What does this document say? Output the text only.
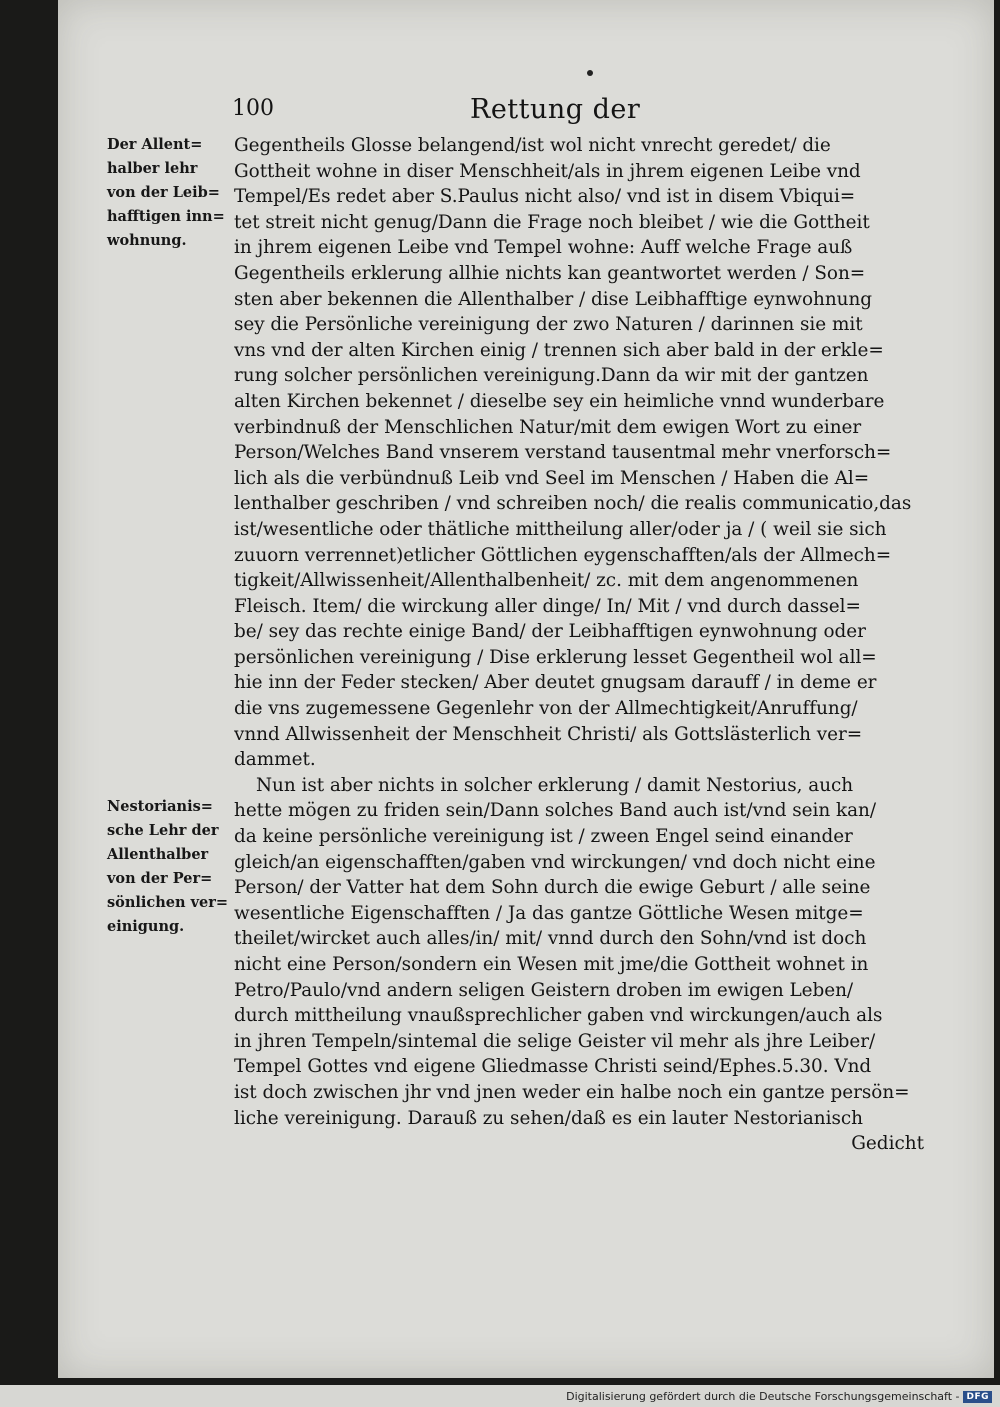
100	Rettung der
Der Allent=
halber lehr
von der Leib=
hafftigen inn=
wohnung.
Nestorianis=
sche Lehr der
Allenthalber
von der Per=
sönlichen ver=
einigung.
Gegentheils Glosse belangend/ist wol nicht vnrecht geredet/ die
Gottheit wohne in diser Menschheit/als in jhrem eigenen Leibe vnd
Tempel/Es redet aber S.Paulus nicht also/ vnd ist in disem Vbiqui=
tet streit nicht genug/Dann die Frage noch bleibet / wie die Gottheit
in jhrem eigenen Leibe vnd Tempel wohne: Auff welche Frage auß
Gegentheils erklerung allhie nichts kan geantwortet werden / Son=
sten aber bekennen die Allenthalber / dise Leibhafftige eynwohnung
sey die Persönliche vereinigung der zwo Naturen / darinnen sie mit
vns vnd der alten Kirchen einig / trennen sich aber bald in der erkle=
rung solcher persönlichen vereinigung.Dann da wir mit der gantzen
alten Kirchen bekennet / dieselbe sey ein heimliche vnnd wunderbare
verbindnuß der Menschlichen Natur/mit dem ewigen Wort zu einer
Person/Welches Band vnserem verstand tausentmal mehr vnerforsch=
lich als die verbündnuß Leib vnd Seel im Menschen / Haben die Al=
lenthalber geschriben / vnd schreiben noch/ die realis communicatio,das
ist/wesentliche oder thätliche mittheilung aller/oder ja / ( weil sie sich
zuuorn verrennet)etlicher Göttlichen eygenschafften/als der Allmech=
tigkeit/Allwissenheit/Allenthalbenheit/ zc. mit dem angenommenen
Fleisch. Item/ die wirckung aller dinge/ In/ Mit / vnd durch dassel=
be/ sey das rechte einige Band/ der Leibhafftigen eynwohnung oder
persönlichen vereinigung / Dise erklerung lesset Gegentheil wol all=
hie inn der Feder stecken/ Aber deutet gnugsam darauff / in deme er
die vns zugemessene Gegenlehr von der Allmechtigkeit/Anruffung/
vnnd Allwissenheit der Menschheit Christi/ als Gottslästerlich ver=
dammet.
Nun ist aber nichts in solcher erklerung / damit Nestorius, auch
hette mögen zu friden sein/Dann solches Band auch ist/vnd sein kan/
da keine persönliche vereinigung ist / zween Engel seind einander
gleich/an eigenschafften/gaben vnd wirckungen/ vnd doch nicht eine
Person/ der Vatter hat dem Sohn durch die ewige Geburt / alle seine
wesentliche Eigenschafften / Ja das gantze Göttliche Wesen mitge=
theilet/wircket auch alles/in/ mit/ vnnd durch den Sohn/vnd ist doch
nicht eine Person/sondern ein Wesen mit jme/die Gottheit wohnet in
Petro/Paulo/vnd andern seligen Geistern droben im ewigen Leben/
durch mittheilung vnaußsprechlicher gaben vnd wirckungen/auch als
in jhren Tempeln/sintemal die selige Geister vil mehr als jhre Leiber/
Tempel Gottes vnd eigene Gliedmasse Christi seind/Ephes.5.30. Vnd
ist doch zwischen jhr vnd jnen weder ein halbe noch ein gantze persön=
liche vereinigung. Darauß zu sehen/daß es ein lauter Nestorianisch
Gedicht
Digitalisierung gefördert durch die Deutsche Forschungsgemeinschaft - DFG
